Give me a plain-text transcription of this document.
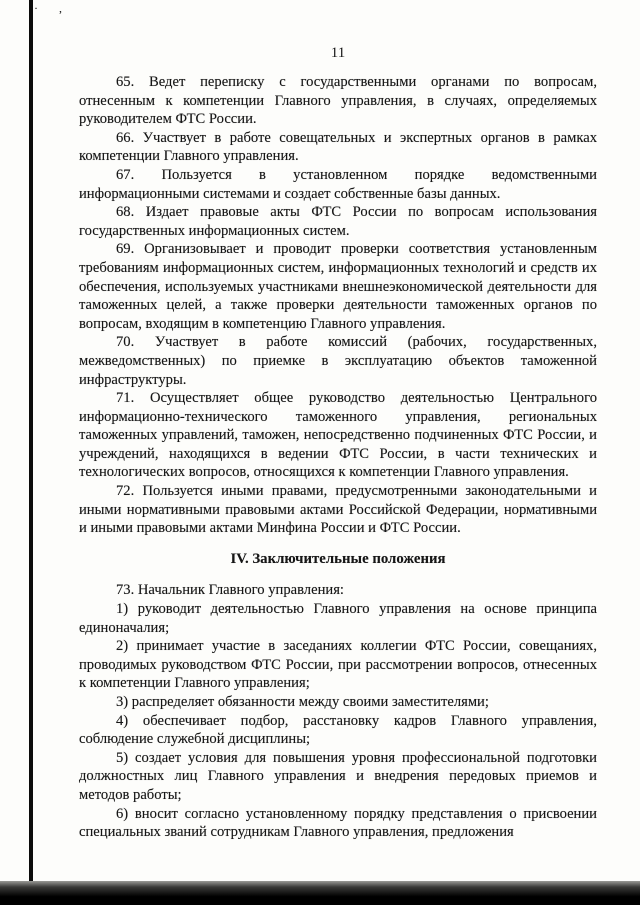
· ,
11

65. Ведет переписку с государственными органами по вопросам, отнесенным к компетенции Главного управления, в случаях, определяемых руководителем ФТС России.

66. Участвует в работе совещательных и экспертных органов в рамках компетенции Главного управления.

67. Пользуется в установленном порядке ведомственными информационными системами и создает собственные базы данных.

68. Издает правовые акты ФТС России по вопросам использования государственных информационных систем.

69. Организовывает и проводит проверки соответствия установленным требованиям информационных систем, информационных технологий и средств их обеспечения, используемых участниками внешнеэкономической деятельности для таможенных целей, а также проверки деятельности таможенных органов по вопросам, входящим в компетенцию Главного управления.

70. Участвует в работе комиссий (рабочих, государственных, межведомственных) по приемке в эксплуатацию объектов таможенной инфраструктуры.

71. Осуществляет общее руководство деятельностью Центрального информационно-технического таможенного управления, региональных таможенных управлений, таможен, непосредственно подчиненных ФТС России, и учреждений, находящихся в ведении ФТС России, в части технических и технологических вопросов, относящихся к компетенции Главного управления.

72. Пользуется иными правами, предусмотренными законодательными и иными нормативными правовыми актами Российской Федерации, нормативными и иными правовыми актами Минфина России и ФТС России.

IV. Заключительные положения

73. Начальник Главного управления:

1) руководит деятельностью Главного управления на основе принципа единоначалия;

2) принимает участие в заседаниях коллегии ФТС России, совещаниях, проводимых руководством ФТС России, при рассмотрении вопросов, отнесенных к компетенции Главного управления;

3) распределяет обязанности между своими заместителями;

4) обеспечивает подбор, расстановку кадров Главного управления, соблюдение служебной дисциплины;

5) создает условия для повышения уровня профессиональной подготовки должностных лиц Главного управления и внедрения передовых приемов и методов работы;

6) вносит согласно установленному порядку представления о присвоении специальных званий сотрудникам Главного управления, предложения
